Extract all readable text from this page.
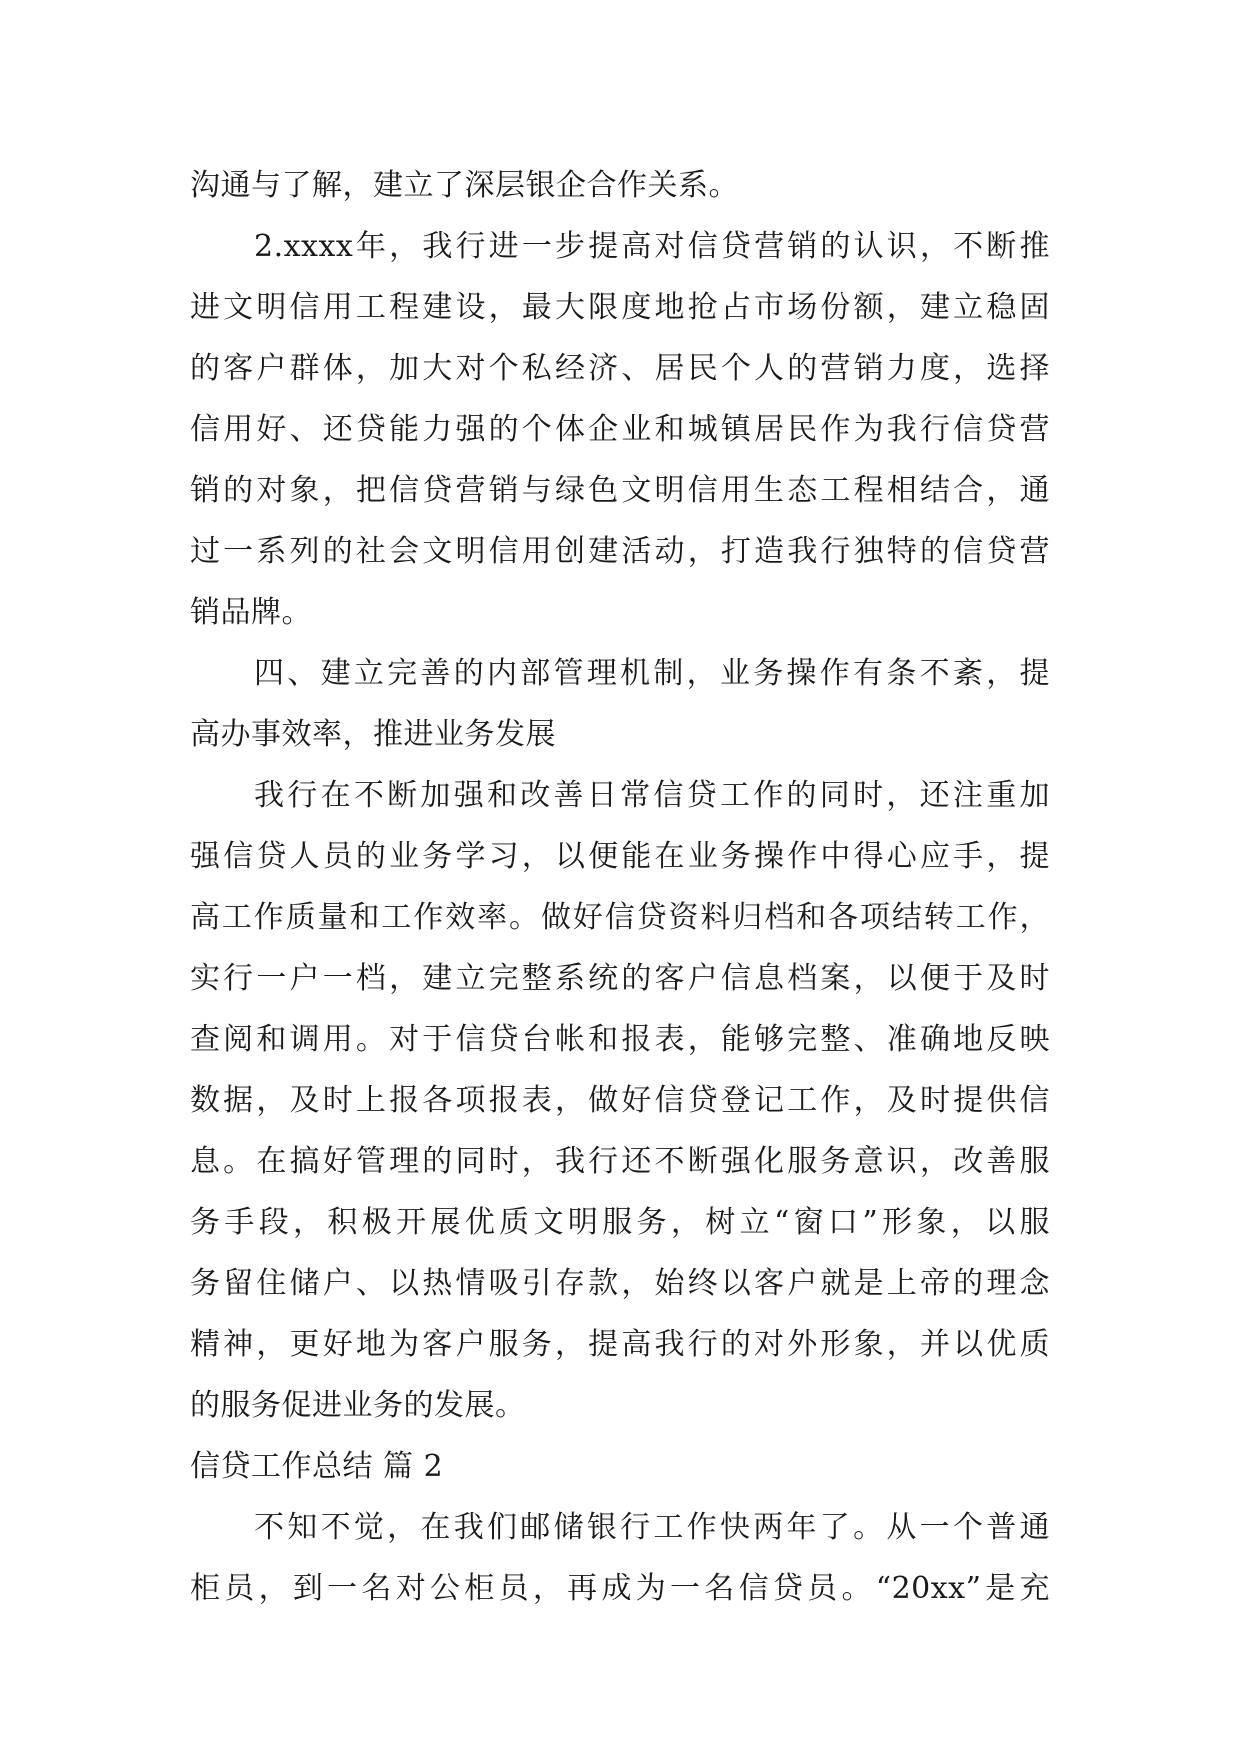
沟通与了解，建立了深层银企合作关系。
2.xxxx年，我行进一步提高对信贷营销的认识，不断推
进文明信用工程建设，最大限度地抢占市场份额，建立稳固
的客户群体，加大对个私经济、居民个人的营销力度，选择
信用好、还贷能力强的个体企业和城镇居民作为我行信贷营
销的对象，把信贷营销与绿色文明信用生态工程相结合，通
过一系列的社会文明信用创建活动，打造我行独特的信贷营
销品牌。
四、建立完善的内部管理机制，业务操作有条不紊，提
高办事效率，推进业务发展
我行在不断加强和改善日常信贷工作的同时，还注重加
强信贷人员的业务学习，以便能在业务操作中得心应手，提
高工作质量和工作效率。做好信贷资料归档和各项结转工作，
实行一户一档，建立完整系统的客户信息档案，以便于及时
查阅和调用。对于信贷台帐和报表，能够完整、准确地反映
数据，及时上报各项报表，做好信贷登记工作，及时提供信
息。在搞好管理的同时，我行还不断强化服务意识，改善服
务手段，积极开展优质文明服务，树立“窗口”形象，以服
务留住储户、以热情吸引存款，始终以客户就是上帝的理念
精神，更好地为客户服务，提高我行的对外形象，并以优质
的服务促进业务的发展。
信贷工作总结 篇 2
不知不觉，在我们邮储银行工作快两年了。从一个普通
柜员，到一名对公柜员，再成为一名信贷员。“20xx”是充
